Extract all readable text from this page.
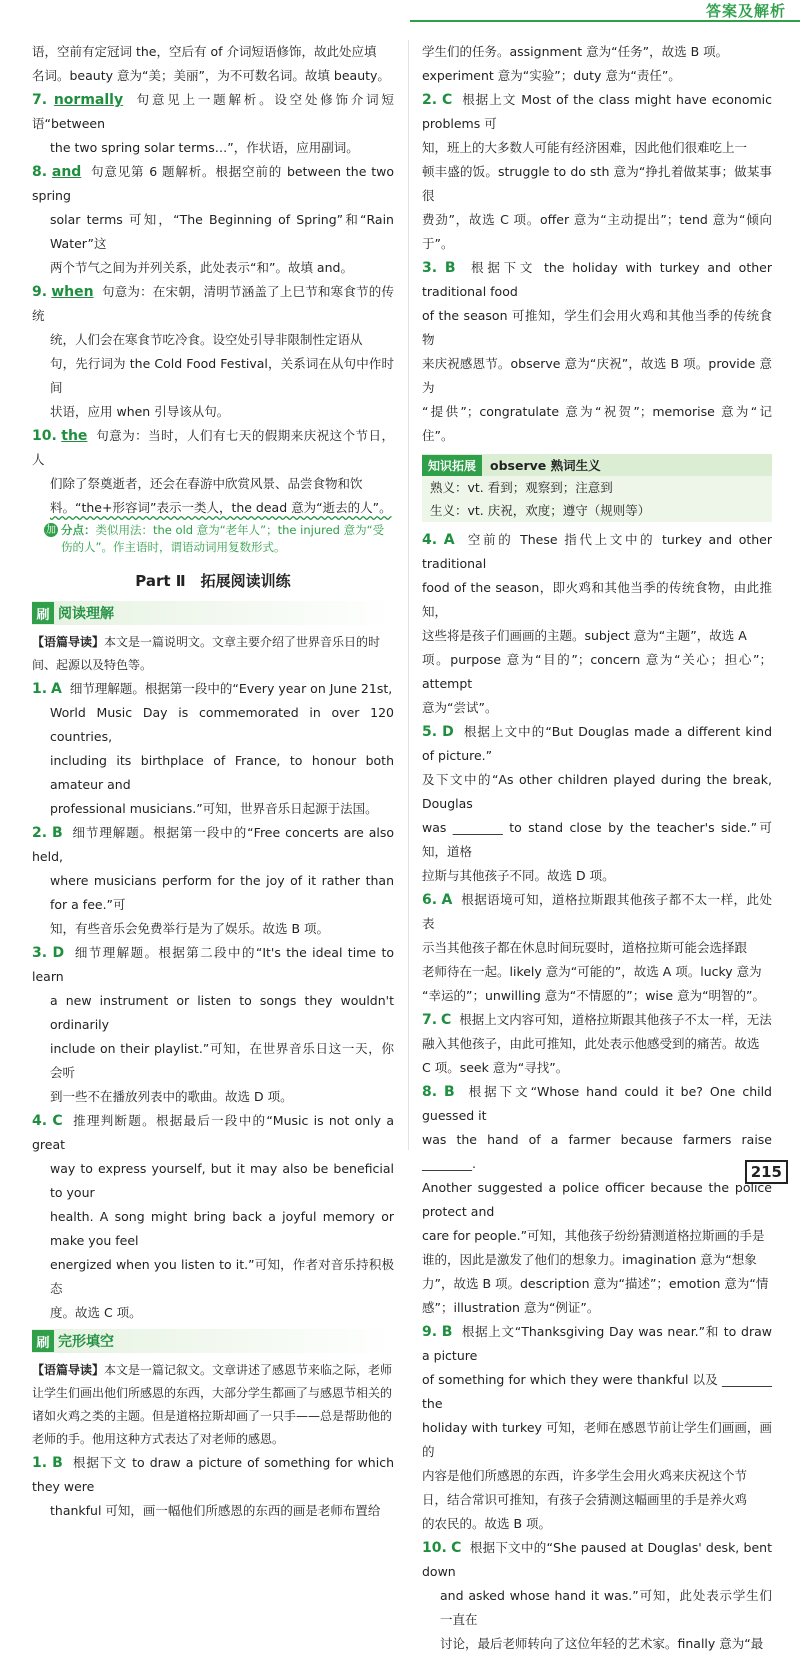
答案及解析

语，空前有定冠词 the，空后有 of 介词短语修饰，故此处应填

名词。beauty 意为“美；美丽”，为不可数名词。故填 beauty。

7. normally 句意见上一题解析。设空处修饰介词短语“between

the two spring solar terms…”，作状语，应用副词。

8. and 句意见第 6 题解析。根据空前的 between the two spring

solar terms 可知，“The Beginning of Spring”和“Rain Water”这

两个节气之间为并列关系，此处表示“和”。故填 and。

9. when 句意为：在宋朝，清明节涵盖了上巳节和寒食节的传统

统，人们会在寒食节吃冷食。设空处引导非限制性定语从

句，先行词为 the Cold Food Festival，关系词在从句中作时间

状语，应用 when 引导该从句。

10. the 句意为：当时，人们有七天的假期来庆祝这个节日，人

们除了祭奠逝者，还会在春游中欣赏风景、品尝食物和饮

料。“the+形容词”表示一类人，the dead 意为“逝去的人”。

加 分点：类似用法：the old 意为“老年人”；the injured 意为“受伤的人”。作主语时，谓语动词用复数形式。
Part Ⅱ　拓展阅读训练
刷 阅读理解

【语篇导读】本文是一篇说明文。文章主要介绍了世界音乐日的时间、起源以及特色等。

1. A 细节理解题。根据第一段中的“Every year on June 21st,

World Music Day is commemorated in over 120 countries,

including its birthplace of France, to honour both amateur and

professional musicians.”可知，世界音乐日起源于法国。

2. B 细节理解题。根据第一段中的“Free concerts are also held,

where musicians perform for the joy of it rather than for a fee.”可

知，有些音乐会免费举行是为了娱乐。故选 B 项。

3. D 细节理解题。根据第二段中的“It's the ideal time to learn

a new instrument or listen to songs they wouldn't ordinarily

include on their playlist.”可知，在世界音乐日这一天，你会听

到一些不在播放列表中的歌曲。故选 D 项。

4. C 推理判断题。根据最后一段中的“Music is not only a great

way to express yourself, but it may also be beneficial to your

health. A song might bring back a joyful memory or make you feel

energized when you listen to it.”可知，作者对音乐持积极态

度。故选 C 项。

刷 完形填空

【语篇导读】本文是一篇记叙文。文章讲述了感恩节来临之际，老师让学生们画出他们所感恩的东西，大部分学生都画了与感恩节相关的诸如火鸡之类的主题。但是道格拉斯却画了一只手——总是帮助他的老师的手。他用这种方式表达了对老师的感恩。

1. B 根据下文 to draw a picture of something for which they were

thankful 可知，画一幅他们所感恩的东西的画是老师布置给

学生们的任务。assignment 意为“任务”，故选 B 项。

experiment 意为“实验”；duty 意为“责任”。

2. C 根据上文 Most of the class might have economic problems 可

知，班上的大多数人可能有经济困难，因此他们很难吃上一

顿丰盛的饭。struggle to do sth 意为“挣扎着做某事；做某事很

费劲”，故选 C 项。offer 意为“主动提出”；tend 意为“倾向于”。

3. B 根据下文 the holiday with turkey and other traditional food

of the season 可推知，学生们会用火鸡和其他当季的传统食物

来庆祝感恩节。observe 意为“庆祝”，故选 B 项。provide 意为

“提供”；congratulate 意为“祝贺”；memorise 意为“记住”。

知识拓展	observe 熟词生义
熟义：vt. 看到；观察到；注意到
生义：vt. 庆祝，欢度；遵守（规则等）

4. A 空前的 These 指代上文中的 turkey and other traditional

food of the season，即火鸡和其他当季的传统食物，由此推知，

这些将是孩子们画画的主题。subject 意为“主题”，故选 A

项。purpose 意为“目的”；concern 意为“关心；担心”；attempt

意为“尝试”。

5. D 根据上文中的“But Douglas made a different kind of picture.”

及下文中的“As other children played during the break, Douglas

was ________ to stand close by the teacher's side.”可知，道格

拉斯与其他孩子不同。故选 D 项。

6. A 根据语境可知，道格拉斯跟其他孩子都不太一样，此处表

示当其他孩子都在休息时间玩耍时，道格拉斯可能会选择跟

老师待在一起。likely 意为“可能的”，故选 A 项。lucky 意为

“幸运的”；unwilling 意为“不情愿的”；wise 意为“明智的”。

7. C 根据上文内容可知，道格拉斯跟其他孩子不太一样，无法

融入其他孩子，由此可推知，此处表示他感受到的痛苦。故选

C 项。seek 意为“寻找”。

8. B 根据下文“Whose hand could it be? One child guessed it

was the hand of a farmer because farmers raise ________.

Another suggested a police officer because the police protect and

care for people.”可知，其他孩子纷纷猜测道格拉斯画的手是

谁的，因此是激发了他们的想象力。imagination 意为“想象

力”，故选 B 项。description 意为“描述”；emotion 意为“情

感”；illustration 意为“例证”。

9. B 根据上文“Thanksgiving Day was near.”和 to draw a picture

of something for which they were thankful 以及 ________ the

holiday with turkey 可知，老师在感恩节前让学生们画画，画的

内容是他们所感恩的东西，许多学生会用火鸡来庆祝这个节

日，结合常识可推知，有孩子会猜测这幅画里的手是养火鸡

的农民的。故选 B 项。

10. C 根据下文中的“She paused at Douglas' desk, bent down

and asked whose hand it was.”可知，此处表示学生们一直在

讨论，最后老师转向了这位年轻的艺术家。finally 意为“最

215
